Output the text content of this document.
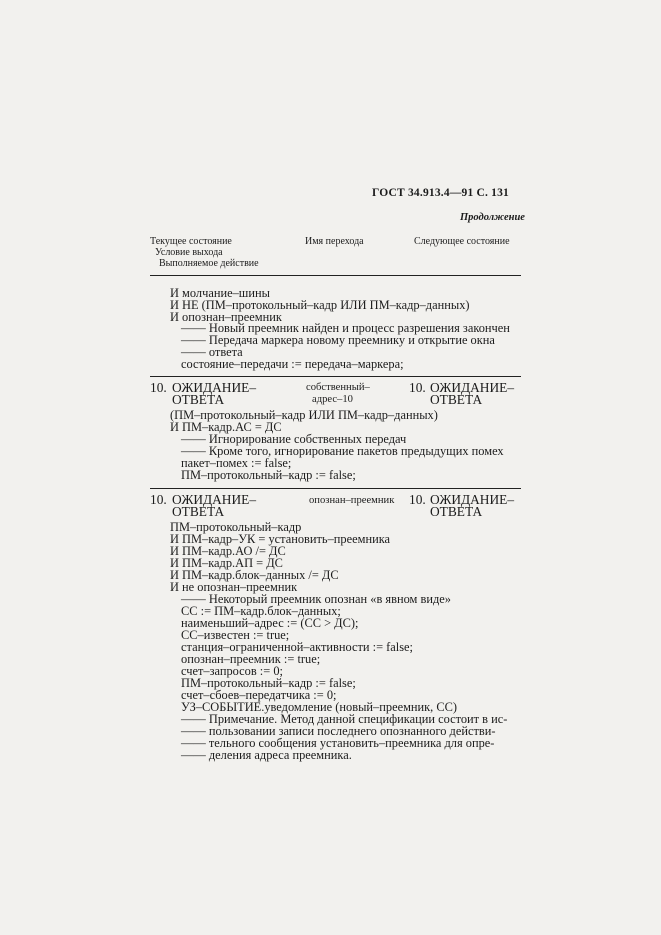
ГОСТ 34.913.4—91 С. 131
Продолжение
Текущее состояние
Условие выхода
Выполняемое действие
Имя перехода	Следующее состояние
И молчание–шины
И НЕ (ПМ–протокольный–кадр ИЛИ ПМ–кадр–данных)
И опознан–преемник
—— Новый преемник найден и процесс разрешения закончен
—— Передача маркера новому преемнику и открытие окна
—— ответа
состояние–передачи := передача–маркера;
10. ОЖИДАНИЕ–
ОТВЕТА
собственный–
адрес–10
10. ОЖИДАНИЕ–
ОТВЕТА
(ПМ–протокольный–кадр ИЛИ ПМ–кадр–данных)
И ПМ–кадр.АС = ДС
—— Игнорирование собственных передач
—— Кроме того, игнорирование пакетов предыдущих помех
пакет–помех := false;
ПМ–протокольный–кадр := false;
10. ОЖИДАНИЕ–
ОТВЕТА
опознан–преемник 10. ОЖИДАНИЕ–
ОТВЕТА
ПМ–протокольный–кадр
И ПМ–кадр–УК = установить–преемника
И ПМ–кадр.АО /= ДС
И ПМ–кадр.АП = ДС
И ПМ–кадр.блок–данных /= ДС
И не опознан–преемник
—— Некоторый преемник опознан «в явном виде»
СС := ПМ–кадр.блок–данных;
наименьший–адрес := (СС > ДС);
СС–известен := true;
станция–ограниченной–активности := false;
опознан–преемник := true;
счет–запросов := 0;
ПМ–протокольный–кадр := false;
счет–сбоев–передатчика := 0;
УЗ–СОБЫТИЕ.уведомление (новый–преемник, СС)
—— Примечание. Метод данной спецификации состоит в ис-
—— пользовании записи последнего опознанного действи-
—— тельного сообщения установить–преемника для опре-
—— деления адреса преемника.
